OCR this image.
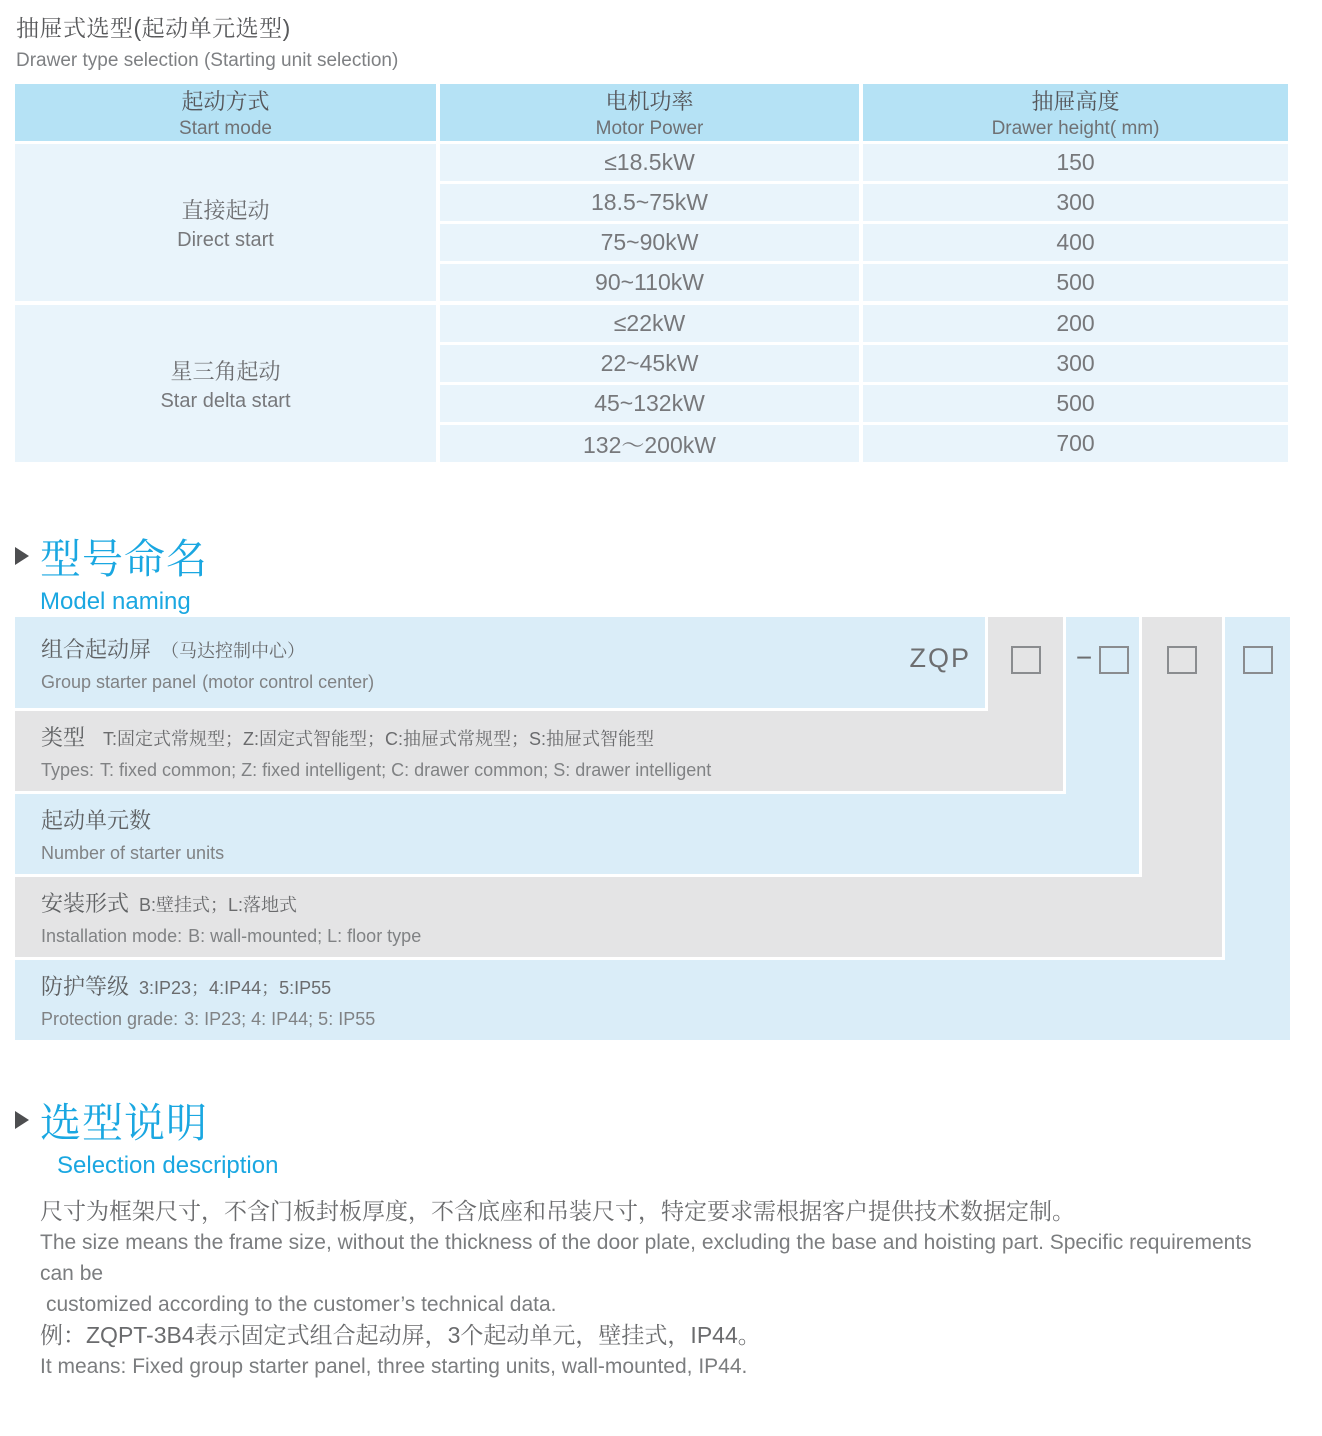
抽屉式选型(起动单元选型)
Drawer type selection (Starting unit selection)
起动方式
Start mode
电机功率
Motor Power
抽屉高度
Drawer height( mm)
直接起动
Direct start
≤18.5kW
18.5~75kW
75~90kW
90~110kW
150
300
400
500
星三角起动
Star delta start
≤22kW
22~45kW
45~132kW
132～200kW
200
300
500
700
型号命名
Model naming
组合起动屏 （马达控制中心）
Group starter panel (motor control center)
ZQP
类型 T:固定式常规型；Z:固定式智能型；C:抽屉式常规型；S:抽屉式智能型
Types: T: fixed common; Z: fixed intelligent; C: drawer common; S: drawer intelligent
起动单元数
Number of starter units
安装形式 B:壁挂式；L:落地式
Installation mode: B: wall-mounted; L: floor type
防护等级 3:IP23；4:IP44；5:IP55
Protection grade: 3: IP23; 4: IP44; 5: IP55
−
选型说明
Selection description
尺寸为框架尺寸，不含门板封板厚度，不含底座和吊装尺寸，特定要求需根据客户提供技术数据定制。
The size means the frame size, without the thickness of the door plate, excluding the base and hoisting part. Specific requirements can be
customized according to the customer’s technical data.
例：ZQPT-3B4表示固定式组合起动屏，3个起动单元，壁挂式，IP44。
It means: Fixed group starter panel, three starting units, wall-mounted, IP44.
